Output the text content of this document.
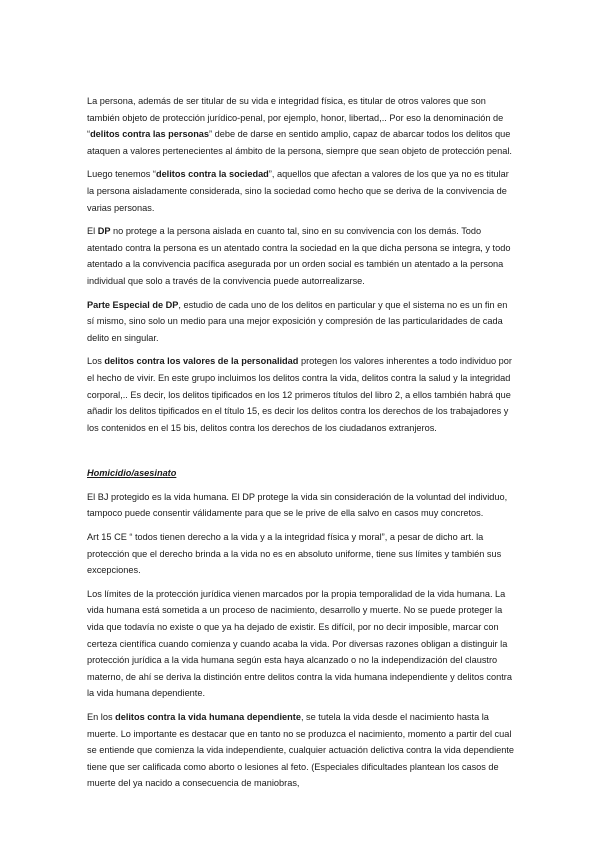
La persona, además de ser titular de su vida e integridad física, es titular de otros valores que son también objeto de protección jurídico-penal, por ejemplo, honor, libertad,.. Por eso la denominación de “delitos contra las personas” debe de darse en sentido amplio, capaz de abarcar todos los delitos que ataquen a valores pertenecientes al ámbito de la persona, siempre que sean objeto de protección penal.

Luego tenemos “delitos contra la sociedad”, aquellos que afectan a valores de los que ya no es titular la persona aisladamente considerada, sino la sociedad como hecho que se deriva de la convivencia de varias personas.

El DP no protege a la persona aislada en cuanto tal, sino en su convivencia con los demás. Todo atentado contra la persona es un atentado contra la sociedad en la que dicha persona se integra, y todo atentado a la convivencia pacífica asegurada por un orden social es también un atentado a la persona individual que solo a través de la convivencia puede autorrealizarse.

Parte Especial de DP, estudio de cada uno de los delitos en particular y que el sistema no es un fin en sí mismo, sino solo un medio para una mejor exposición y compresión de las particularidades de cada delito en singular.

Los delitos contra los valores de la personalidad protegen los valores inherentes a todo individuo por el hecho de vivir. En este grupo incluimos los delitos contra la vida, delitos contra la salud y la integridad corporal,.. Es decir, los delitos tipificados en los 12 primeros títulos del libro 2, a ellos también habrá que añadir los delitos tipificados en el título 15, es decir los delitos contra los derechos de los trabajadores y los contenidos en el 15 bis, delitos contra los derechos de los ciudadanos extranjeros.

Homicidio/asesinato

El BJ protegido es la vida humana. El DP protege la vida sin consideración de la voluntad del individuo, tampoco puede consentir válidamente para que se le prive de ella salvo en casos muy concretos.

Art 15 CE “ todos tienen derecho a la vida y a la integridad física y moral”, a pesar de dicho art. la protección que el derecho brinda a la vida no es en absoluto uniforme, tiene sus límites y también sus excepciones.

Los límites de la protección jurídica vienen marcados por la propia temporalidad de la vida humana. La vida humana está sometida a un proceso de nacimiento, desarrollo y muerte. No se puede proteger la vida que todavía no existe o que ya ha dejado de existir. Es difícil, por no decir imposible, marcar con certeza científica cuando comienza y cuando acaba la vida. Por diversas razones obligan a distinguir la protección jurídica a la vida humana según esta haya alcanzado o no la independización del claustro materno, de ahí se deriva la distinción entre delitos contra la vida humana independiente y delitos contra la vida humana dependiente.

En los delitos contra la vida humana dependiente, se tutela la vida desde el nacimiento hasta la muerte. Lo importante es destacar que en tanto no se produzca el nacimiento, momento a partir del cual se entiende que comienza la vida independiente, cualquier actuación delictiva contra la vida dependiente tiene que ser calificada como aborto o lesiones al feto. (Especiales dificultades plantean los casos de muerte del ya nacido a consecuencia de maniobras,
